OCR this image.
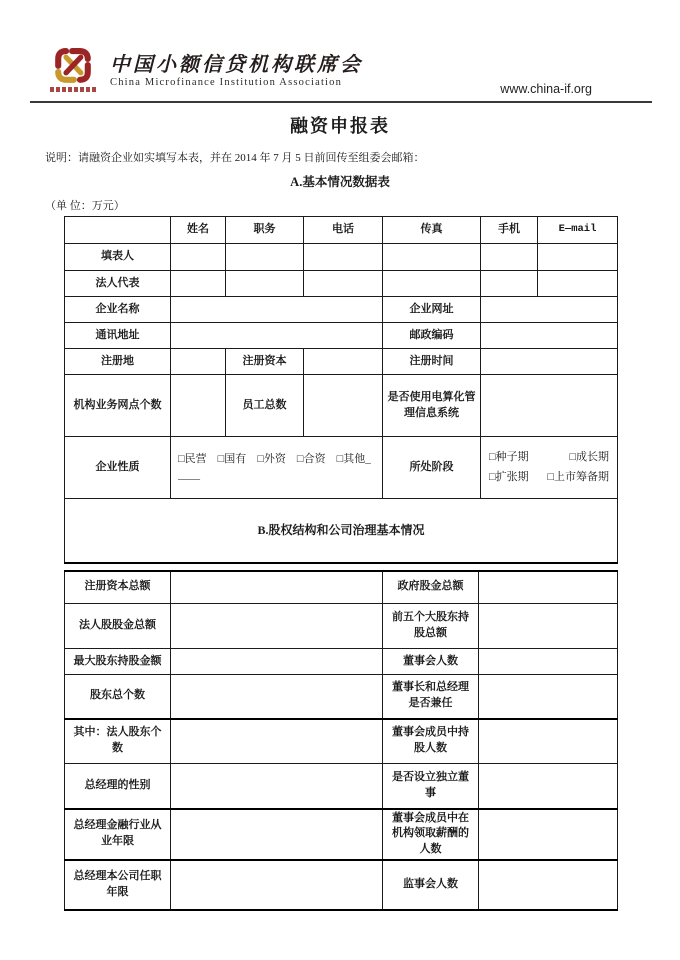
中国小额信贷机构联席会
China Microfinance Institution Association	www.china-if.org
融资申报表
说明：请融资企业如实填写本表，并在 2014 年 7 月 5 日前回传至组委会邮箱：
A.基本情况数据表
（单 位：万元）
	姓名	职务	电话	传真	手机	E—mail
填表人						
法人代表						
企业名称				企业网址		
通讯地址				邮政编码		
注册地		注册资本		注册时间		
机构业务网点个数		员工总数		是否使用电算化管理信息系统		
企业性质	□民营　□国有　□外资　□合资　□其他_____			所处阶段	□种子期 □成长期
□扩张期 □上市筹备期	

B.股权结构和公司治理基本情况						
注册资本总额		政府股金总额	
法人股股金总额		前五个大股东持股总额	
最大股东持股金额		董事会人数	
股东总个数		董事长和总经理是否兼任	
其中：法人股东个数		董事会成员中持股人数	
总经理的性别		是否设立独立董事	
总经理金融行业从业年限		董事会成员中在机构领取薪酬的人数	
总经理本公司任职年限		监事会人数	
